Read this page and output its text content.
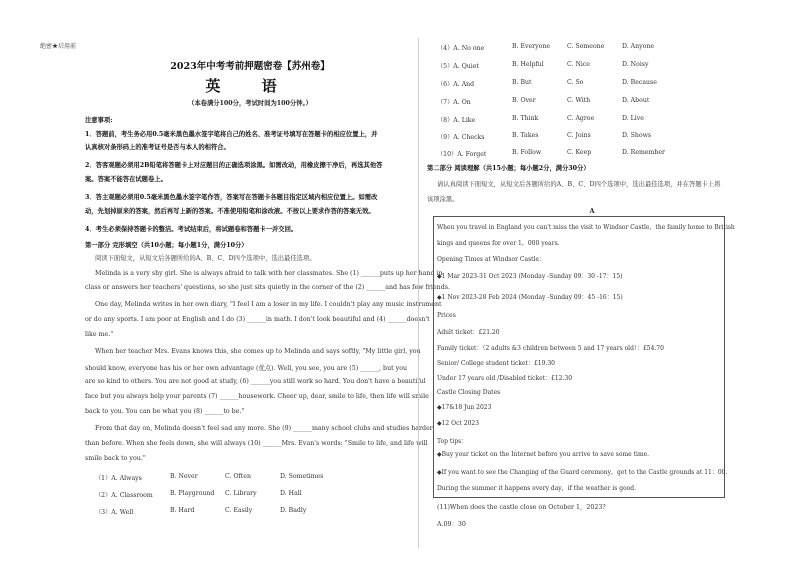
绝密★启用前
2023年中考考前押题密卷【苏州卷】
英 语
（本卷满分100分，考试时间为100分钟。）
注意事项:
1．答题前，考生务必用0.5毫米黑色墨水签字笔将自己的姓名、准考证号填写在答题卡的相应位置上，并
认真核对条形码上的准考证号是否与本人的相符合。
2．答客观题必须用2B铅笔将答题卡上对应题目的正确选项涂黑。如需改动，用橡皮擦干净后，再选其他答
案。答案不能答在试题卷上。
3．答主观题必须用0.5毫米黑色墨水签字笔作答，答案写在答题卡各题目指定区域内相应位置上。如需改
动，先划掉原来的答案，然后再写上新的答案。不准使用铅笔和涂改液。不按以上要求作答的答案无效。
4．考生必须保持答题卡的整洁。考试结束后，将试题卷和答题卡一并交回。
第一部分 完形填空（共10小题；每小题1分，满分10分）
阅读下面短文，从短文后各题所给的A、B、C、D四个选项中，选出最佳选项。
Melinda is a very shy girl. She is always afraid to talk with her classmates. She (1) ______puts up her hand in
class or answers her teachers' questions, so she just sits quietly in the corner of the (2) ______and has few friends.
One day, Melinda writes in her own diary, "I feel I am a loser in my life. I couldn't play any music instrument
or do any sports. I am poor at English and I do (3) ______in math. I don't look beautiful and (4) ______doesn't
like me."
When her teacher Mrs. Evans knows this, she comes up to Melinda and says softly, "My little girl, you
should know, everyone has his or her own advantage (优点). Well, you see, you are (5) ______, but you
are so kind to others. You are not good at study, (6) ______you still work so hard. You don't have a beautiful
face but you always help your parents (7) ______housework. Cheer up, dear, smile to life, then life will smile
back to you. You can be what you (8) ______to be."
From that day on, Melinda doesn't feel sad any more. She (9) ______many school clubs and studies harder
than before. When she feels down, she will always (10) ______Mrs. Evan's words: "Smile to life, and life will
smile back to you."
（1）A. Always	B. Never	C. Often	D. Sometimes
（2）A. Classroom	B. Playground C. Library	D. Hall
（3）A. Well	B. Hard	C. Easily	D. Badly
（4）A. No one	B. Everyone	C. Someone	D. Anyone
（5）A. Quiet	B. Helpful	C. Nice	D. Noisy
（6）A. And	B. But	C. So	D. Because
（7）A. On	B. Over	C. With	D. About
（8）A. Like	B. Think	C. Agree	D. Live
（9）A. Checks	B. Takes	C. Joins	D. Shows
（10）A. Forget	B. Follow	C. Keep	D. Remember
第二部分 阅读理解（共15小题；每小题2分，满分30分）
请认真阅读下面短文，从短文后各题所给的A、B、C、D四个选项中，选出最佳选项，并在答题卡上将
该项涂黑。
A
When you travel in England you can't miss the visit to Windsor Castle，the family home to British
kings and queens for over 1，000 years.
Opening Times at Windsor Castle：
◆1 Mar 2023-31 Oct 2023 (Monday -Sunday 09：30 -17：15)
◆1 Nov 2023-28 Feb 2024 (Monday -Sunday 09：45 -16：15)
Prices
Adult ticket：£21.20
Family ticket：（2 adults &3 children between 5 and 17 years old）：£54.70
Senior/ College student ticket：£19.30
Under 17 years old /Disabled ticket：£12.30
Castle Closing Dates
◆17&18 Jun 2023
◆12 Oct 2023
Top tips：
◆Buy your ticket on the Internet before you arrive to save some time.
◆If you want to see the Changing of the Guard ceremony，get to the Castle grounds at 11：00.
During the summer it happens every day，if the weather is good.
(11)When does the castle close on October 1，2023?
A.09：30
